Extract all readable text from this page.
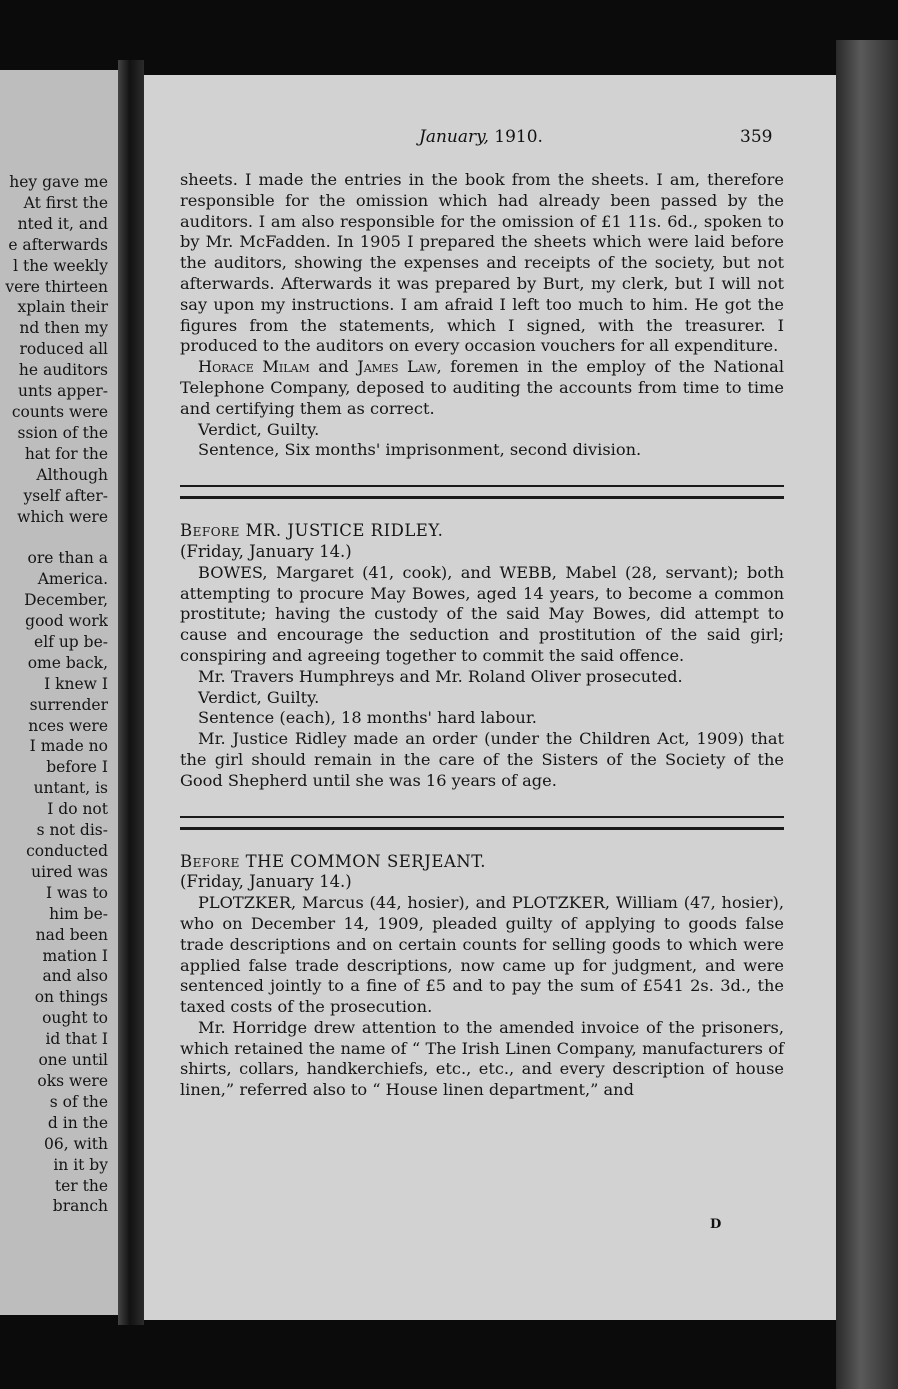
hey gave me
At first the
nted it, and
e afterwards
l the weekly
vere thirteen
xplain their
nd then my
roduced all
he auditors
unts apper-
counts were
ssion of the
hat for the
Although
yself after-
which were

ore than a
America.
December,
good work
elf up be-
ome back,
I knew I
surrender
nces were
I made no
before I
untant, is
I do not
s not dis-
conducted
uired was
I was to
him be-
nad been
mation I
and also
on things
ought to
id that I
one until
oks were
s of the
d in the
06, with
in it by
ter the
branch
January, 1910.	359

sheets. I made the entries in the book from the sheets. I am, therefore responsible for the omission which had already been passed by the auditors. I am also responsible for the omission of £1 11s. 6d., spoken to by Mr. McFadden. In 1905 I prepared the sheets which were laid before the auditors, showing the expenses and receipts of the society, but not afterwards. Afterwards it was prepared by Burt, my clerk, but I will not say upon my instructions. I am afraid I left too much to him. He got the figures from the statements, which I signed, with the treasurer. I produced to the auditors on every occasion vouchers for all expenditure.

Horace Milam and James Law, foremen in the employ of the National Telephone Company, deposed to auditing the accounts from time to time and certifying them as correct.

Verdict, Guilty.

Sentence, Six months' imprisonment, second division.

Before MR. JUSTICE RIDLEY.

(Friday, January 14.)

BOWES, Margaret (41, cook), and WEBB, Mabel (28, servant); both attempting to procure May Bowes, aged 14 years, to become a common prostitute; having the custody of the said May Bowes, did attempt to cause and encourage the seduction and prostitution of the said girl; conspiring and agreeing together to commit the said offence.

Mr. Travers Humphreys and Mr. Roland Oliver prosecuted.

Verdict, Guilty.

Sentence (each), 18 months' hard labour.

Mr. Justice Ridley made an order (under the Children Act, 1909) that the girl should remain in the care of the Sisters of the Society of the Good Shepherd until she was 16 years of age.

Before THE COMMON SERJEANT.

(Friday, January 14.)

PLOTZKER, Marcus (44, hosier), and PLOTZKER, William (47, hosier), who on December 14, 1909, pleaded guilty of applying to goods false trade descriptions and on certain counts for selling goods to which were applied false trade descriptions, now came up for judgment, and were sentenced jointly to a fine of £5 and to pay the sum of £541 2s. 3d., the taxed costs of the prosecution.

Mr. Horridge drew attention to the amended invoice of the prisoners, which retained the name of “ The Irish Linen Company, manufacturers of shirts, collars, handkerchiefs, etc., etc., and every description of house linen,” referred also to “ House linen department,” and

D
